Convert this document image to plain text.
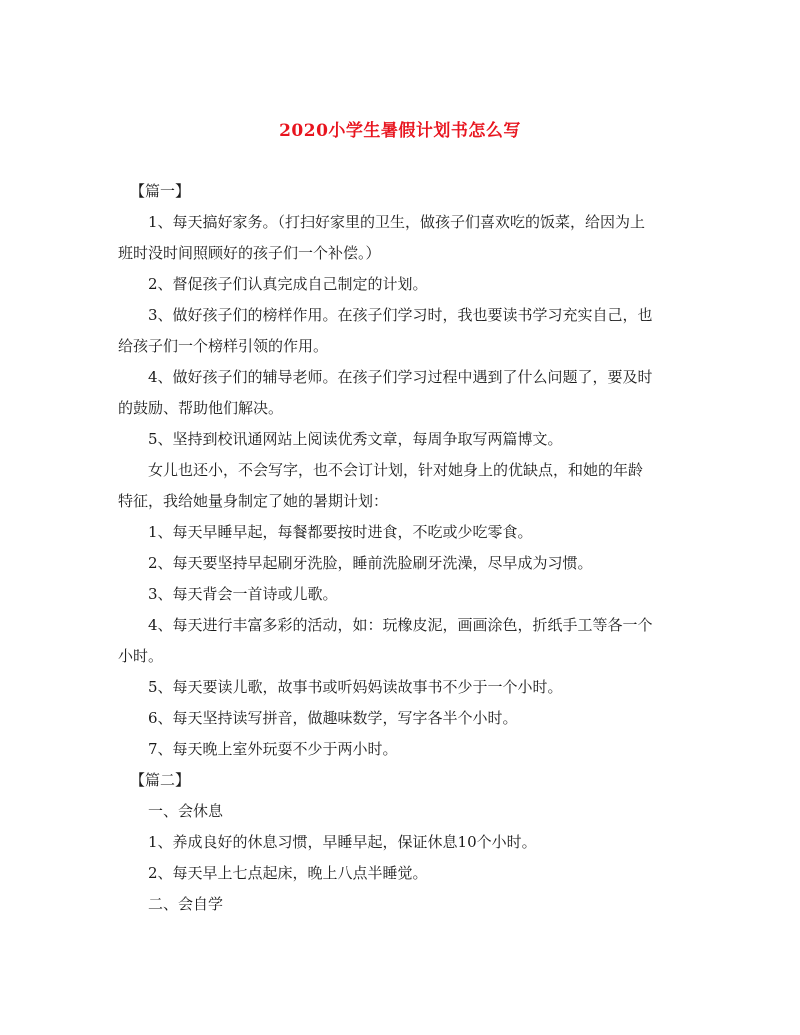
2020小学生暑假计划书怎么写
【篇一】
1、每天搞好家务。（打扫好家里的卫生，做孩子们喜欢吃的饭菜，给因为上
班时没时间照顾好的孩子们一个补偿。）
2、督促孩子们认真完成自己制定的计划。
3、做好孩子们的榜样作用。在孩子们学习时，我也要读书学习充实自己，也
给孩子们一个榜样引领的作用。
4、做好孩子们的辅导老师。在孩子们学习过程中遇到了什么问题了，要及时
的鼓励、帮助他们解决。
5、坚持到校讯通网站上阅读优秀文章，每周争取写两篇博文。
女儿也还小，不会写字，也不会订计划，针对她身上的优缺点，和她的年龄
特征，我给她量身制定了她的暑期计划：
1、每天早睡早起，每餐都要按时进食，不吃或少吃零食。
2、每天要坚持早起刷牙洗脸，睡前洗脸刷牙洗澡，尽早成为习惯。
3、每天背会一首诗或儿歌。
4、每天进行丰富多彩的活动，如：玩橡皮泥，画画涂色，折纸手工等各一个
小时。
5、每天要读儿歌，故事书或听妈妈读故事书不少于一个小时。
6、每天坚持读写拼音，做趣味数学，写字各半个小时。
7、每天晚上室外玩耍不少于两小时。
【篇二】
一、会休息
1、养成良好的休息习惯，早睡早起，保证休息10个小时。
2、每天早上七点起床，晚上八点半睡觉。
二、会自学
